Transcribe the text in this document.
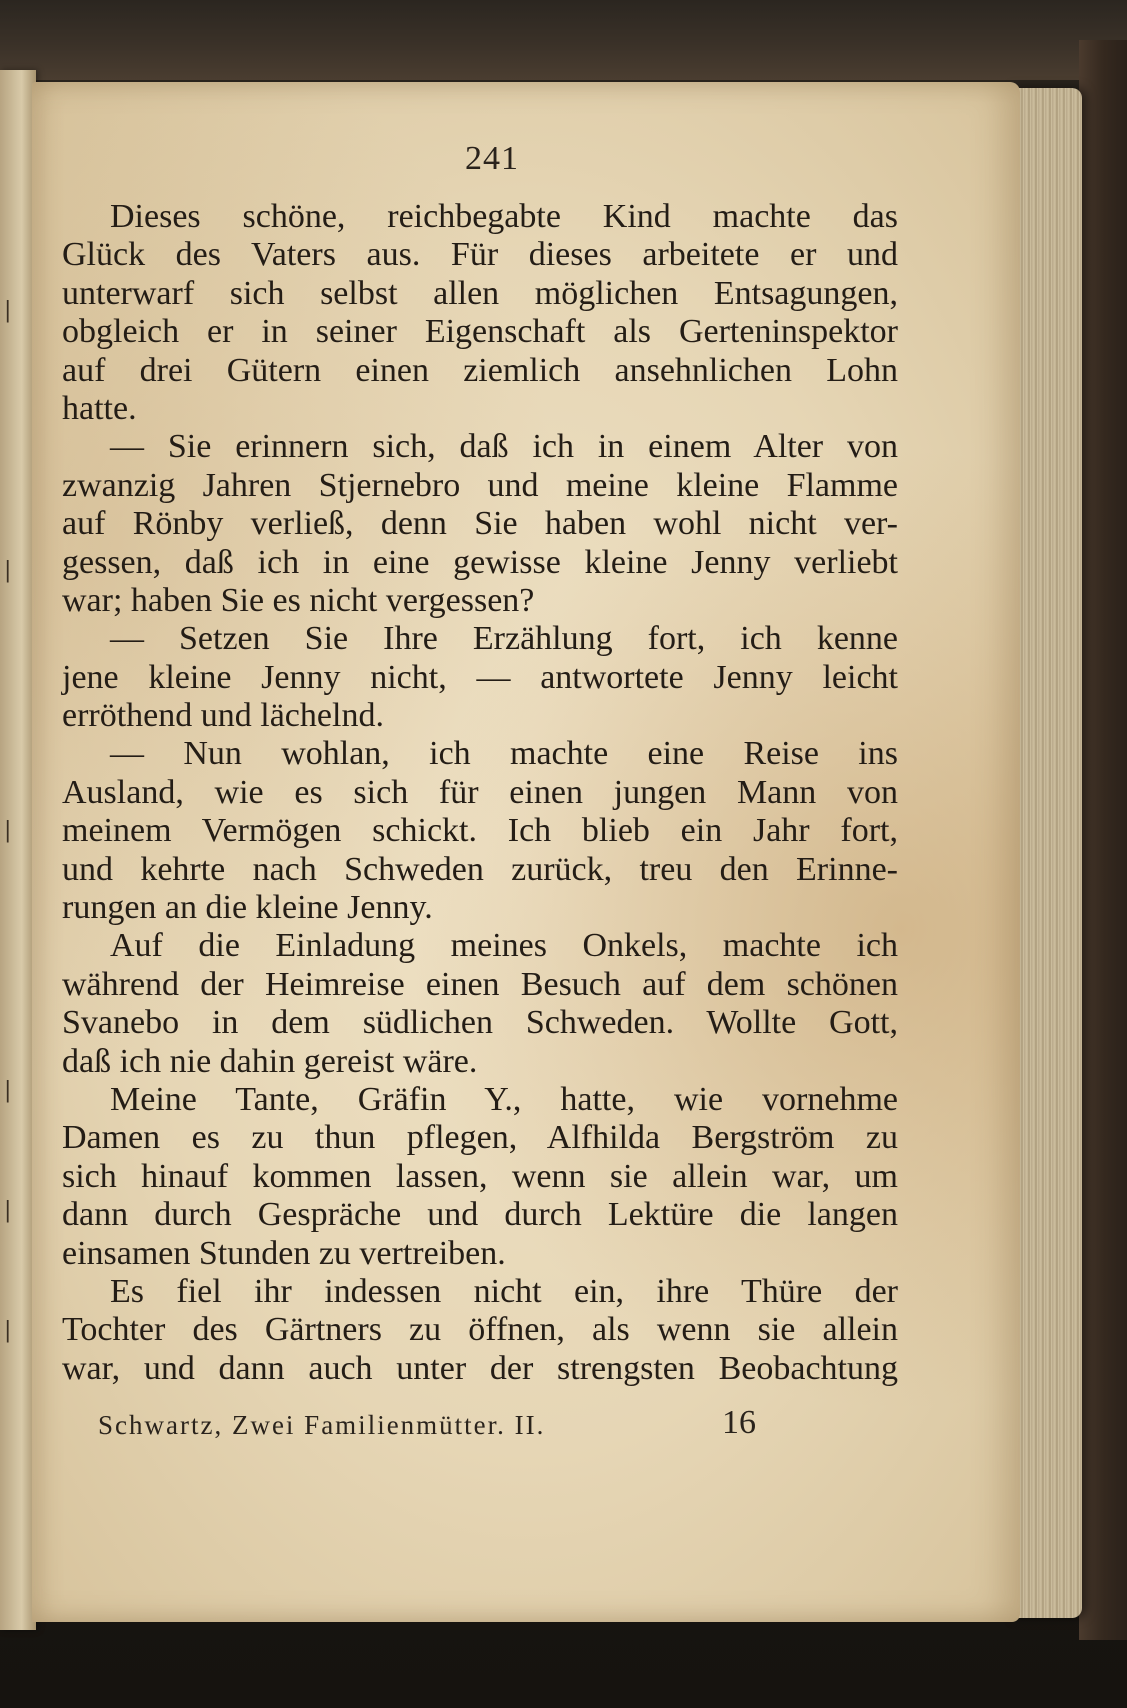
|
|
|
|
|
|
241
Dieses schöne, reichbegabte Kind machte das
Glück des Vaters aus. Für dieses arbeitete er und
unterwarf sich selbst allen möglichen Entsagungen,
obgleich er in seiner Eigenschaft als Gerteninspektor
auf drei Gütern einen ziemlich ansehnlichen Lohn
hatte.
— Sie erinnern sich, daß ich in einem Alter von
zwanzig Jahren Stjernebro und meine kleine Flamme
auf Rönby verließ, denn Sie haben wohl nicht ver-
gessen, daß ich in eine gewisse kleine Jenny verliebt
war; haben Sie es nicht vergessen?
— Setzen Sie Ihre Erzählung fort, ich kenne
jene kleine Jenny nicht, — antwortete Jenny leicht
erröthend und lächelnd.
— Nun wohlan, ich machte eine Reise ins
Ausland, wie es sich für einen jungen Mann von
meinem Vermögen schickt. Ich blieb ein Jahr fort,
und kehrte nach Schweden zurück, treu den Erinne-
rungen an die kleine Jenny.
Auf die Einladung meines Onkels, machte ich
während der Heimreise einen Besuch auf dem schönen
Svanebo in dem südlichen Schweden. Wollte Gott,
daß ich nie dahin gereist wäre.
Meine Tante, Gräfin Y., hatte, wie vornehme
Damen es zu thun pflegen, Alfhilda Bergström zu
sich hinauf kommen lassen, wenn sie allein war, um
dann durch Gespräche und durch Lektüre die langen
einsamen Stunden zu vertreiben.
Es fiel ihr indessen nicht ein, ihre Thüre der
Tochter des Gärtners zu öffnen, als wenn sie allein
war, und dann auch unter der strengsten Beobachtung
Schwartz, Zwei Familienmütter. II.	16
